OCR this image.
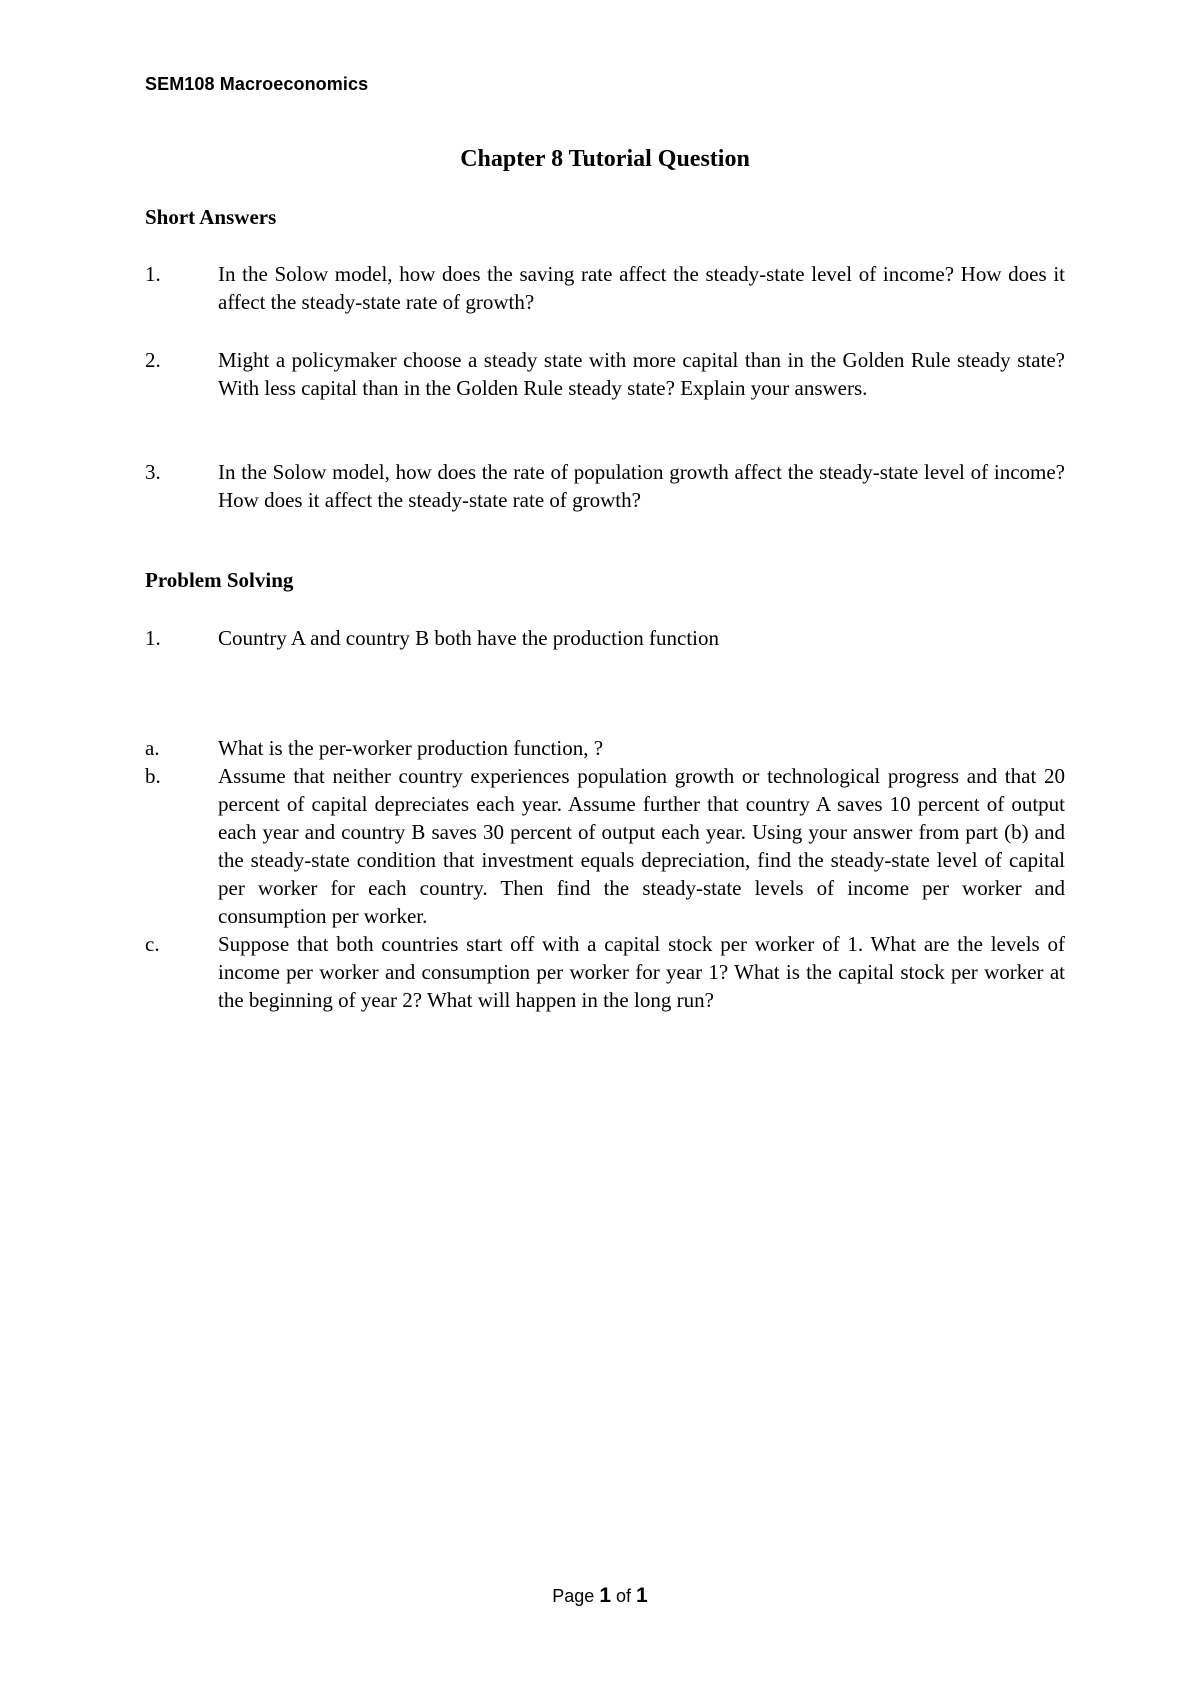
SEM108 Macroeconomics
Chapter 8 Tutorial Question
Short Answers
1.	In the Solow model, how does the saving rate affect the steady-state level of income? How does it affect the steady-state rate of growth?
2.	Might a policymaker choose a steady state with more capital than in the Golden Rule steady state? With less capital than in the Golden Rule steady state? Explain your answers.
3.	In the Solow model, how does the rate of population growth affect the steady-state level of income? How does it affect the steady-state rate of growth?
Problem Solving
1.	Country A and country B both have the production function
a.	What is the per-worker production function, ?
b.	Assume that neither country experiences population growth or technological progress and that 20 percent of capital depreciates each year. Assume further that country A saves 10 percent of output each year and country B saves 30 percent of output each year. Using your answer from part (b) and the steady-state condition that investment equals depreciation, find the steady-state level of capital per worker for each country. Then find the steady-state levels of income per worker and consumption per worker.
c.	Suppose that both countries start off with a capital stock per worker of 1. What are the levels of income per worker and consumption per worker for year 1? What is the capital stock per worker at the beginning of year 2? What will happen in the long run?
Page 1 of 1
